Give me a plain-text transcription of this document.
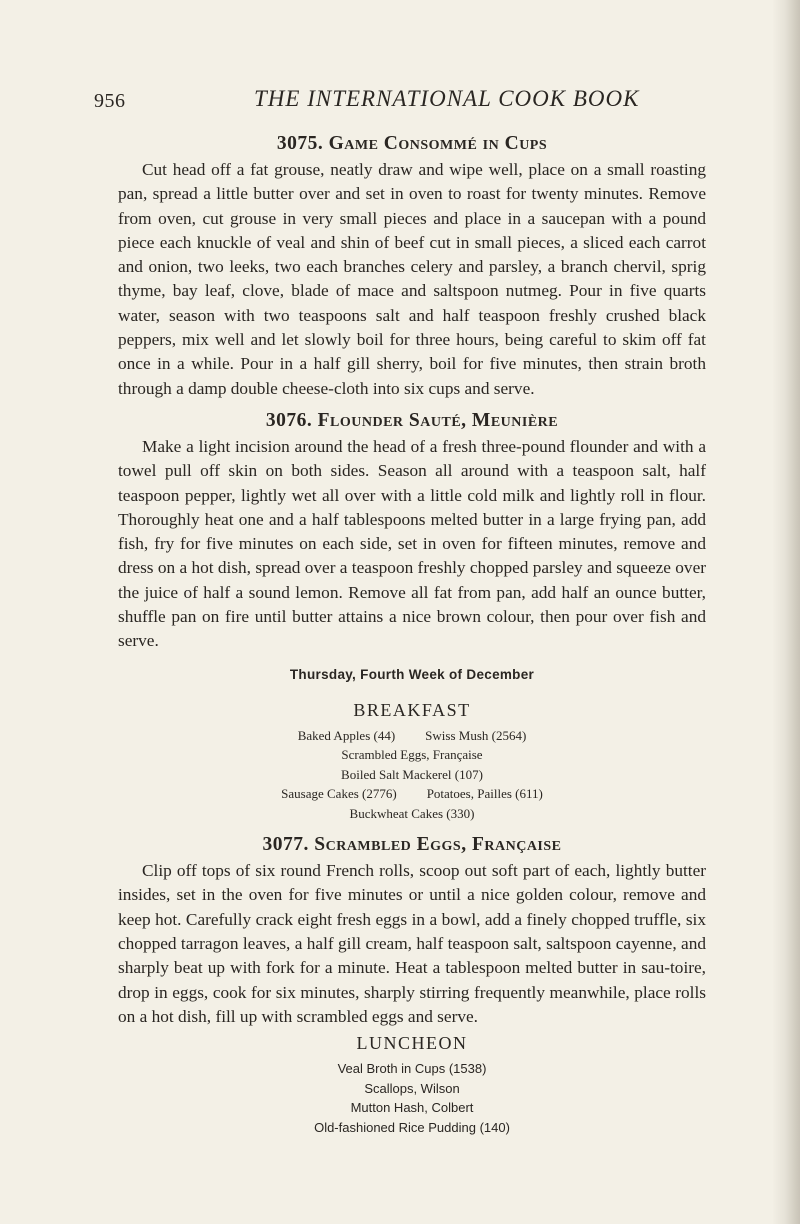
956	THE INTERNATIONAL COOK BOOK
3075. Game Consommé in Cups

Cut head off a fat grouse, neatly draw and wipe well, place on a small roasting pan, spread a little butter over and set in oven to roast for twenty minutes. Remove from oven, cut grouse in very small pieces and place in a saucepan with a pound piece each knuckle of veal and shin of beef cut in small pieces, a sliced each carrot and onion, two leeks, two each branches celery and parsley, a branch chervil, sprig thyme, bay leaf, clove, blade of mace and saltspoon nutmeg. Pour in five quarts water, season with two teaspoons salt and half teaspoon freshly crushed black peppers, mix well and let slowly boil for three hours, being careful to skim off fat once in a while. Pour in a half gill sherry, boil for five minutes, then strain broth through a damp double cheese-cloth into six cups and serve.

3076. Flounder Sauté, Meunière

Make a light incision around the head of a fresh three-pound flounder and with a towel pull off skin on both sides. Season all around with a teaspoon salt, half teaspoon pepper, lightly wet all over with a little cold milk and lightly roll in flour. Thoroughly heat one and a half tablespoons melted butter in a large frying pan, add fish, fry for five minutes on each side, set in oven for fifteen minutes, remove and dress on a hot dish, spread over a teaspoon freshly chopped parsley and squeeze over the juice of half a sound lemon. Remove all fat from pan, add half an ounce butter, shuffle pan on fire until butter attains a nice brown colour, then pour over fish and serve.

Thursday, Fourth Week of December
BREAKFAST
Baked Apples (44) Swiss Mush (2564)
Scrambled Eggs, Française
Boiled Salt Mackerel (107)
Sausage Cakes (2776) Potatoes, Pailles (611)
Buckwheat Cakes (330)
3077. Scrambled Eggs, Française

Clip off tops of six round French rolls, scoop out soft part of each, lightly butter insides, set in the oven for five minutes or until a nice golden colour, remove and keep hot. Carefully crack eight fresh eggs in a bowl, add a finely chopped truffle, six chopped tarragon leaves, a half gill cream, half teaspoon salt, saltspoon cayenne, and sharply beat up with fork for a minute. Heat a tablespoon melted butter in sau-toire, drop in eggs, cook for six minutes, sharply stirring frequently meanwhile, place rolls on a hot dish, fill up with scrambled eggs and serve.

LUNCHEON
Veal Broth in Cups (1538)
Scallops, Wilson
Mutton Hash, Colbert
Old-fashioned Rice Pudding (140)
